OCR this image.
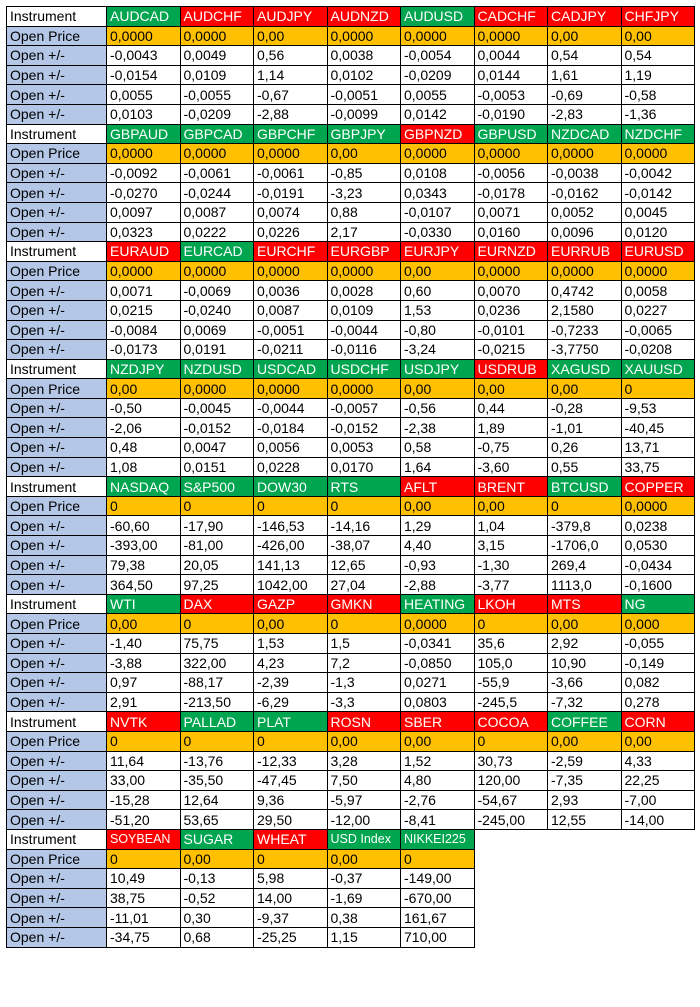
Instrument	AUDCAD	AUDCHF	AUDJPY	AUDNZD	AUDUSD	CADCHF	CADJPY	CHFJPY
Open Price	0,0000	0,0000	0,00	0,0000	0,0000	0,0000	0,00	0,00
Open +/-	-0,0043	0,0049	0,56	0,0038	-0,0054	0,0044	0,54	0,54
Open +/-	-0,0154	0,0109	1,14	0,0102	-0,0209	0,0144	1,61	1,19
Open +/-	0,0055	-0,0055	-0,67	-0,0051	0,0055	-0,0053	-0,69	-0,58
Open +/-	0,0103	-0,0209	-2,88	-0,0099	0,0142	-0,0190	-2,83	-1,36
Instrument	GBPAUD	GBPCAD	GBPCHF	GBPJPY	GBPNZD	GBPUSD	NZDCAD	NZDCHF
Open Price	0,0000	0,0000	0,0000	0,00	0,0000	0,0000	0,0000	0,0000
Open +/-	-0,0092	-0,0061	-0,0061	-0,85	0,0108	-0,0056	-0,0038	-0,0042
Open +/-	-0,0270	-0,0244	-0,0191	-3,23	0,0343	-0,0178	-0,0162	-0,0142
Open +/-	0,0097	0,0087	0,0074	0,88	-0,0107	0,0071	0,0052	0,0045
Open +/-	0,0323	0,0222	0,0226	2,17	-0,0330	0,0160	0,0096	0,0120
Instrument	EURAUD	EURCAD	EURCHF	EURGBP	EURJPY	EURNZD	EURRUB	EURUSD
Open Price	0,0000	0,0000	0,0000	0,0000	0,00	0,0000	0,0000	0,0000
Open +/-	0,0071	-0,0069	0,0036	0,0028	0,60	0,0070	0,4742	0,0058
Open +/-	0,0215	-0,0240	0,0087	0,0109	1,53	0,0236	2,1580	0,0227
Open +/-	-0,0084	0,0069	-0,0051	-0,0044	-0,80	-0,0101	-0,7233	-0,0065
Open +/-	-0,0173	0,0191	-0,0211	-0,0116	-3,24	-0,0215	-3,7750	-0,0208
Instrument	NZDJPY	NZDUSD	USDCAD	USDCHF	USDJPY	USDRUB	XAGUSD	XAUUSD
Open Price	0,00	0,0000	0,0000	0,0000	0,00	0,00	0,00	0
Open +/-	-0,50	-0,0045	-0,0044	-0,0057	-0,56	0,44	-0,28	-9,53
Open +/-	-2,06	-0,0152	-0,0184	-0,0152	-2,38	1,89	-1,01	-40,45
Open +/-	0,48	0,0047	0,0056	0,0053	0,58	-0,75	0,26	13,71
Open +/-	1,08	0,0151	0,0228	0,0170	1,64	-3,60	0,55	33,75
Instrument	NASDAQ	S&P500	DOW30	RTS	AFLT	BRENT	BTCUSD	COPPER
Open Price	0	0	0	0	0,00	0,00	0	0,0000
Open +/-	-60,60	-17,90	-146,53	-14,16	1,29	1,04	-379,8	0,0238
Open +/-	-393,00	-81,00	-426,00	-38,07	4,40	3,15	-1706,0	0,0530
Open +/-	79,38	20,05	141,13	12,65	-0,93	-1,30	269,4	-0,0434
Open +/-	364,50	97,25	1042,00	27,04	-2,88	-3,77	1113,0	-0,1600
Instrument	WTI	DAX	GAZP	GMKN	HEATING	LKOH	MTS	NG
Open Price	0,00	0	0,00	0	0,0000	0	0,00	0,000
Open +/-	-1,40	75,75	1,53	1,5	-0,0341	35,6	2,92	-0,055
Open +/-	-3,88	322,00	4,23	7,2	-0,0850	105,0	10,90	-0,149
Open +/-	0,97	-88,17	-2,39	-1,3	0,0271	-55,9	-3,66	0,082
Open +/-	2,91	-213,50	-6,29	-3,3	0,0803	-245,5	-7,32	0,278
Instrument	NVTK	PALLAD	PLAT	ROSN	SBER	COCOA	COFFEE	CORN
Open Price	0	0	0	0,00	0,00	0	0,00	0,00
Open +/-	11,64	-13,76	-12,33	3,28	1,52	30,73	-2,59	4,33
Open +/-	33,00	-35,50	-47,45	7,50	4,80	120,00	-7,35	22,25
Open +/-	-15,28	12,64	9,36	-5,97	-2,76	-54,67	2,93	-7,00
Open +/-	-51,20	53,65	29,50	-12,00	-8,41	-245,00	12,55	-14,00
Instrument	SOYBEAN	SUGAR	WHEAT	USD Index	NIKKEI225			
Open Price	0	0,00	0	0,00	0			
Open +/-	10,49	-0,13	5,98	-0,37	-149,00			
Open +/-	38,75	-0,52	14,00	-1,69	-670,00			
Open +/-	-11,01	0,30	-9,37	0,38	161,67			
Open +/-	-34,75	0,68	-25,25	1,15	710,00			
